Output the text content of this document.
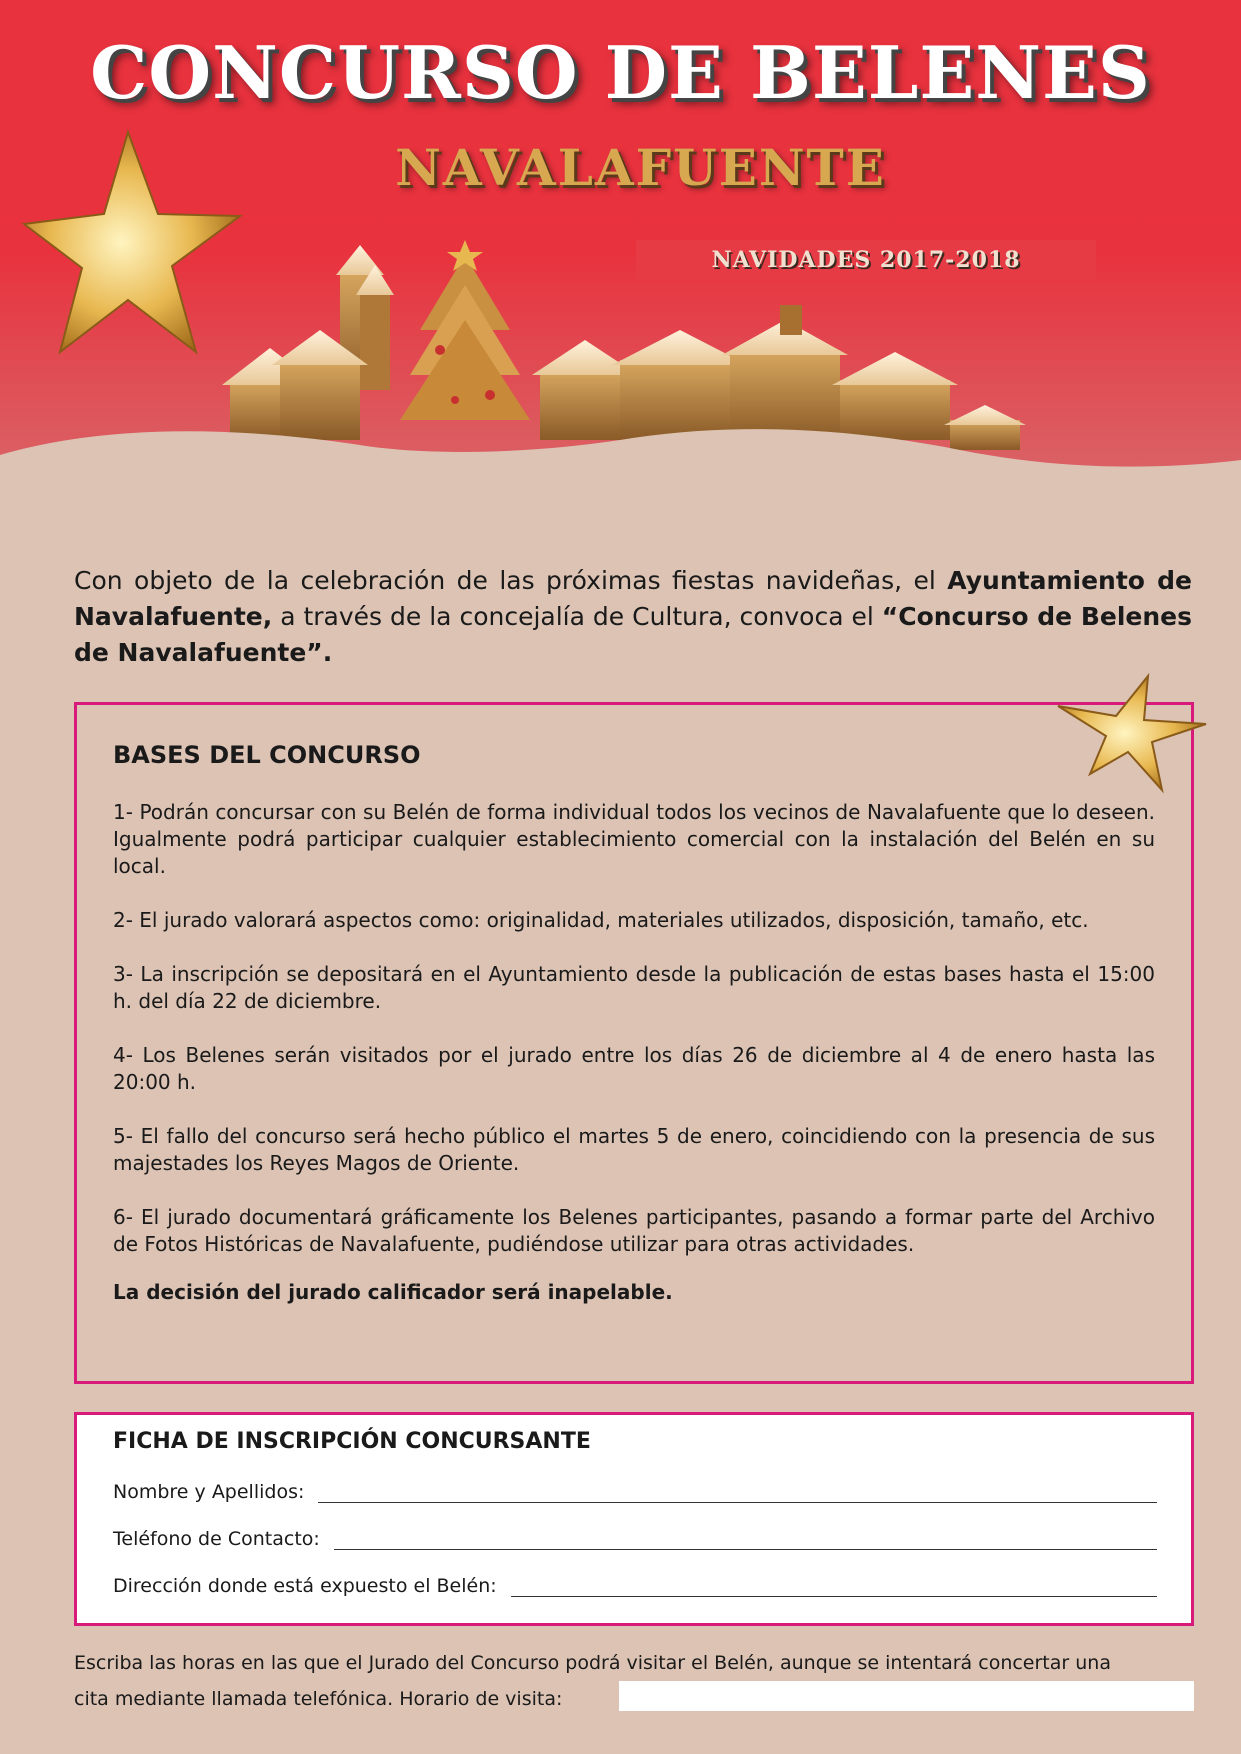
CONCURSO DE BELENES
NAVALAFUENTE
NAVIDADES 2017-2018
Con objeto de la celebración de las próximas fiestas navideñas, el Ayuntamiento de Navalafuente, a través de la concejalía de Cultura, convoca el “Concurso de Belenes de Navalafuente”.
BASES DEL CONCURSO

1- Podrán concursar con su Belén de forma individual todos los vecinos de Navalafuente que lo deseen. Igualmente podrá participar cualquier establecimiento comercial con la instalación del Belén en su local.

2- El jurado valorará aspectos como: originalidad, materiales utilizados, disposición, tamaño, etc.

3- La inscripción se depositará en el Ayuntamiento desde la publicación de estas bases hasta el 15:00 h. del día 22 de diciembre.

4- Los Belenes serán visitados por el jurado entre los días 26 de diciembre al 4 de enero hasta las 20:00 h.

5- El fallo del concurso será hecho público el martes 5 de enero, coincidiendo con la presencia de sus majestades los Reyes Magos de Oriente.

6- El jurado documentará gráficamente los Belenes participantes, pasando a formar parte del Archivo de Fotos Históricas de Navalafuente, pudiéndose utilizar para otras actividades.

La decisión del jurado calificador será inapelable.

FICHA DE INSCRIPCIÓN CONCURSANTE
Nombre y Apellidos:
Teléfono de Contacto:
Dirección donde está expuesto el Belén:
Escriba las horas en las que el Jurado del Concurso podrá visitar el Belén, aunque se intentará concertar una
cita mediante llamada telefónica. Horario de visita:
